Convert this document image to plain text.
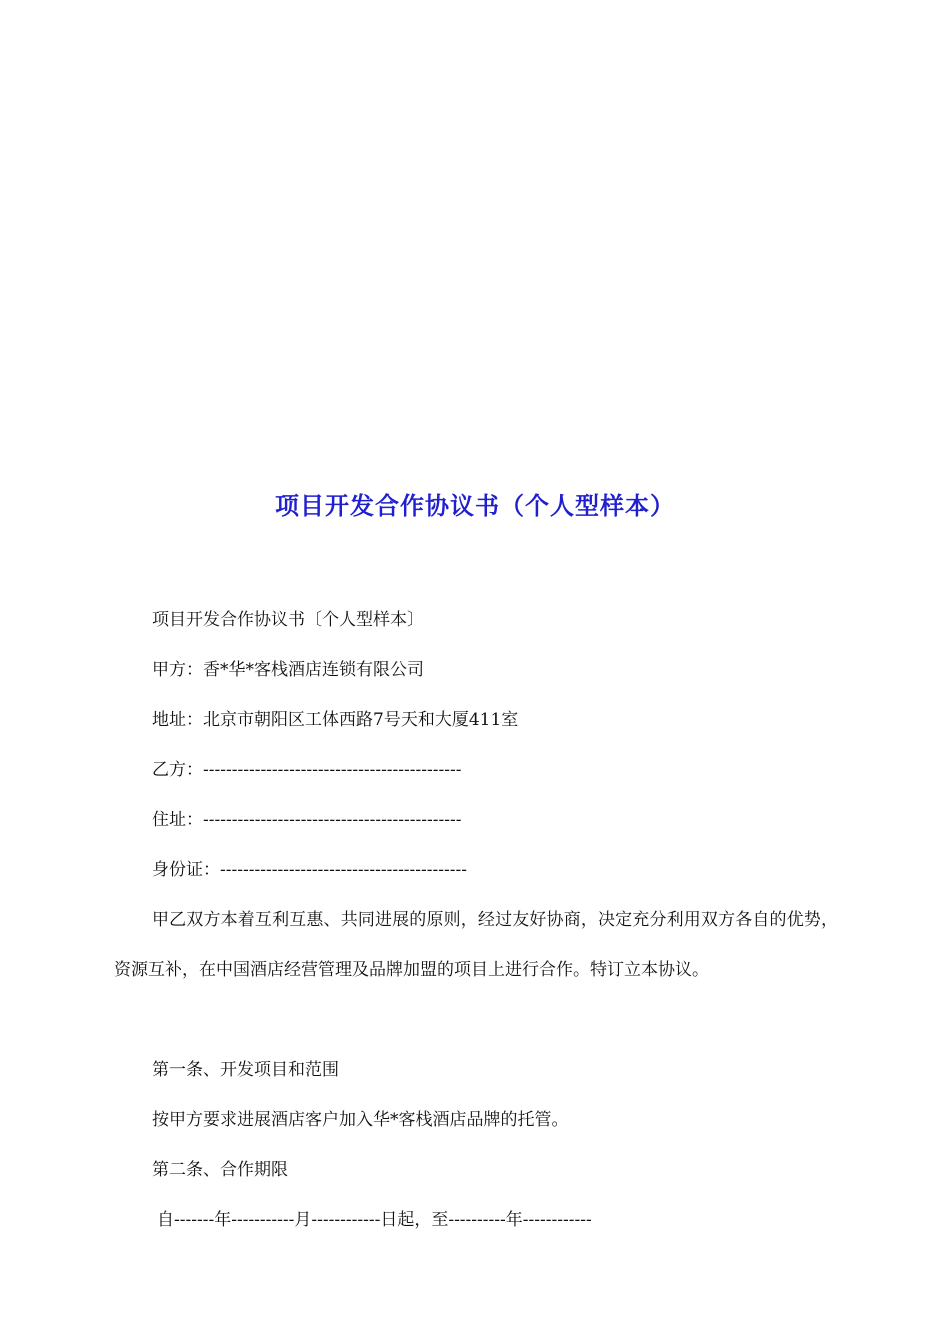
项目开发合作协议书（个人型样本）
项目开发合作协议书〔个人型样本〕
甲方：香*华*客栈酒店连锁有限公司
地址：北京市朝阳区工体西路7号天和大厦411室
乙方：---------------------------------------------
住址：---------------------------------------------
身份证：-------------------------------------------
甲乙双方本着互利互惠、共同进展的原则，经过友好协商，决定充分利用双方各自的优势，资源互补，在中国酒店经营管理及品牌加盟的项目上进行合作。特订立本协议。
第一条、开发项目和范围
按甲方要求进展酒店客户加入华*客栈酒店品牌的托管。
第二条、合作期限
自-------年-----------月------------日起，至----------年------------
